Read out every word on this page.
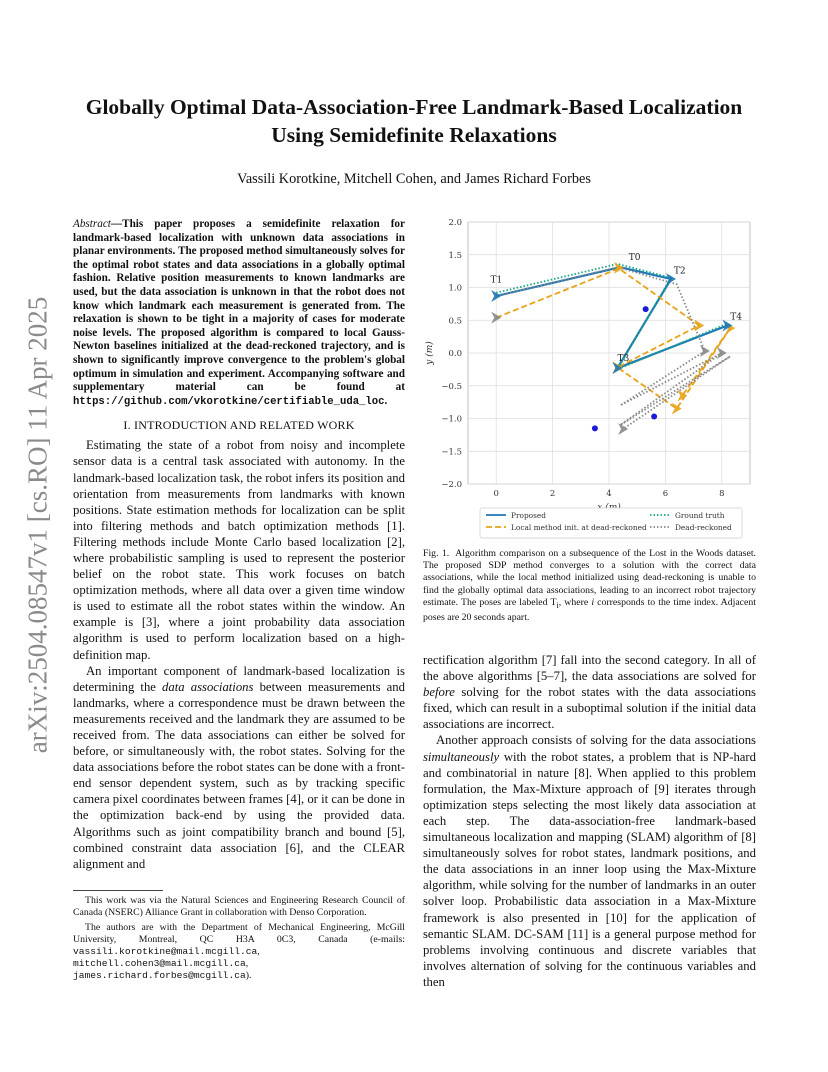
arXiv:2504.08547v1 [cs.RO] 11 Apr 2025
Globally Optimal Data-Association-Free Landmark-Based Localization Using Semidefinite Relaxations
Vassili Korotkine, Mitchell Cohen, and James Richard Forbes

Abstract—This paper proposes a semidefinite relaxation for landmark-based localization with unknown data associations in planar environments. The proposed method simultaneously solves for the optimal robot states and data associations in a globally optimal fashion. Relative position measurements to known landmarks are used, but the data association is unknown in that the robot does not know which landmark each measurement is generated from. The relaxation is shown to be tight in a majority of cases for moderate noise levels. The proposed algorithm is compared to local Gauss-Newton baselines initialized at the dead-reckoned trajectory, and is shown to significantly improve convergence to the problem's global optimum in simulation and experiment. Accompanying software and supplementary material can be found at https://github.com/vkorotkine/certifiable_uda_loc.

I. INTRODUCTION AND RELATED WORK

Estimating the state of a robot from noisy and incomplete sensor data is a central task associated with autonomy. In the landmark-based localization task, the robot infers its position and orientation from measurements from landmarks with known positions. State estimation methods for localization can be split into filtering methods and batch optimization methods [1]. Filtering methods include Monte Carlo based localization [2], where probabilistic sampling is used to represent the posterior belief on the robot state. This work focuses on batch optimization methods, where all data over a given time window is used to estimate all the robot states within the window. An example is [3], where a joint probability data association algorithm is used to perform localization based on a high-definition map.

An important component of landmark-based localization is determining the data associations between measurements and landmarks, where a correspondence must be drawn between the measurements received and the landmark they are assumed to be received from. The data associations can either be solved for before, or simultaneously with, the robot states. Solving for the data associations before the robot states can be done with a front-end sensor dependent system, such as by tracking specific camera pixel coordinates between frames [4], or it can be done in the optimization back-end by using the provided data. Algorithms such as joint compatibility branch and bound [5], combined constraint data association [6], and the CLEAR alignment and

This work was via the Natural Sciences and Engineering Research Council of Canada (NSERC) Alliance Grant in collaboration with Denso Corporation.

The authors are with the Department of Mechanical Engineering, McGill University, Montreal, QC H3A 0C3, Canada (e-mails: vassili.korotkine@mail.mcgill.ca, mitchell.cohen3@mail.mcgill.ca, james.richard.forbes@mcgill.ca).

0	2	4	6	8
−2.0
−1.5
−1.0
−0.5
0.0
0.5
1.0
1.5
2.0
y (m)
T0
T1
T2
T3
T4
Proposed
Local method init. at dead-reckoned
Ground truth
Dead-reckoned
Fig. 1. Algorithm comparison on a subsequence of the Lost in the Woods dataset. The proposed SDP method converges to a solution with the correct data associations, while the local method initialized using dead-reckoning is unable to find the globally optimal data associations, leading to an incorrect robot trajectory estimate. The poses are labeled $T_i$, where i corresponds to the time index. Adjacent poses are 20 seconds apart.

rectification algorithm [7] fall into the second category. In all of the above algorithms [5–7], the data associations are solved for before solving for the robot states with the data associations fixed, which can result in a suboptimal solution if the initial data associations are incorrect.

Another approach consists of solving for the data associations simultaneously with the robot states, a problem that is NP-hard and combinatorial in nature [8]. When applied to this problem formulation, the Max-Mixture approach of [9] iterates through optimization steps selecting the most likely data association at each step. The data-association-free landmark-based simultaneous localization and mapping (SLAM) algorithm of [8] simultaneously solves for robot states, landmark positions, and the data associations in an inner loop using the Max-Mixture algorithm, while solving for the number of landmarks in an outer solver loop. Probabilistic data association in a Max-Mixture framework is also presented in [10] for the application of semantic SLAM. DC-SAM [11] is a general purpose method for problems involving continuous and discrete variables that involves alternation of solving for the continuous variables and then
